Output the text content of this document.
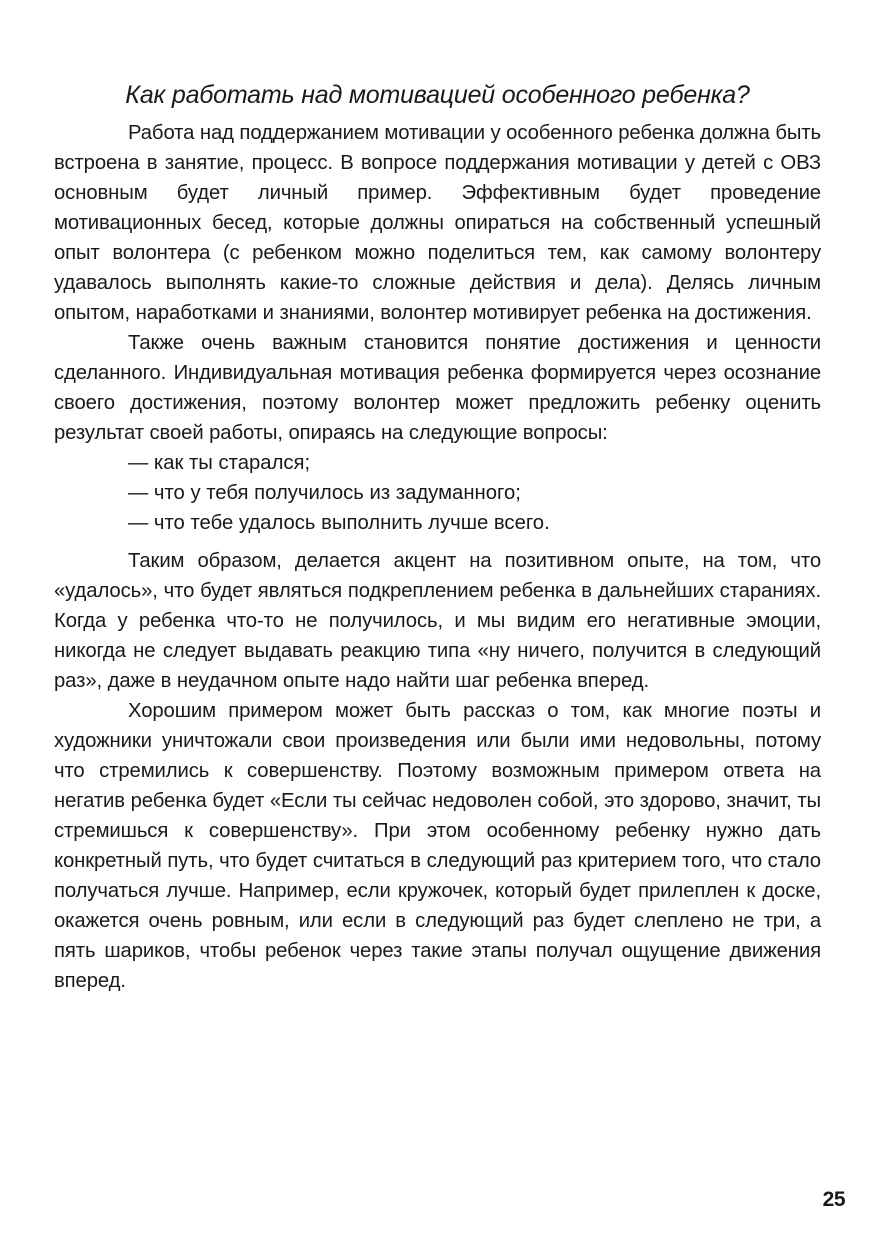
Как работать над мотивацией особенного ребенка?

Работа над поддержанием мотивации у особенного ребенка должна быть встроена в занятие, процесс. В вопросе поддержания мотивации у детей с ОВЗ основным будет личный пример. Эффективным будет проведение мотивационных бесед, которые должны опираться на собственный успешный опыт волонтера (с ребенком можно поделиться тем, как самому волонтеру удавалось выполнять какие-то сложные действия и дела). Делясь личным опытом, наработками и знаниями, волонтер мотивирует ребенка на достижения.

Также очень важным становится понятие достижения и ценности сделанного. Индивидуальная мотивация ребенка формируется через осознание своего достижения, поэтому волонтер может предложить ребенку оценить результат своей работы, опираясь на следующие вопросы:

— как ты старался;
— что у тебя получилось из задуманного;
— что тебе удалось выполнить лучше всего.

Таким образом, делается акцент на позитивном опыте, на том, что «удалось», что будет являться подкреплением ребенка в дальнейших стараниях. Когда у ребенка что-то не получилось, и мы видим его негативные эмоции, никогда не следует выдавать реакцию типа «ну ничего, получится в следующий раз», даже в неудачном опыте надо найти шаг ребенка вперед.

Хорошим примером может быть рассказ о том, как многие поэты и художники уничтожали свои произведения или были ими недовольны, потому что стремились к совершенству. Поэтому возможным примером ответа на негатив ребенка будет «Если ты сейчас недоволен собой, это здорово, значит, ты стремишься к совершенству». При этом особенному ребенку нужно дать конкретный путь, что будет считаться в следующий раз критерием того, что стало получаться лучше. Например, если кружочек, который будет прилеплен к доске, окажется очень ровным, или если в следующий раз будет слеплено не три, а пять шариков, чтобы ребенок через такие этапы получал ощущение движения вперед.

25
